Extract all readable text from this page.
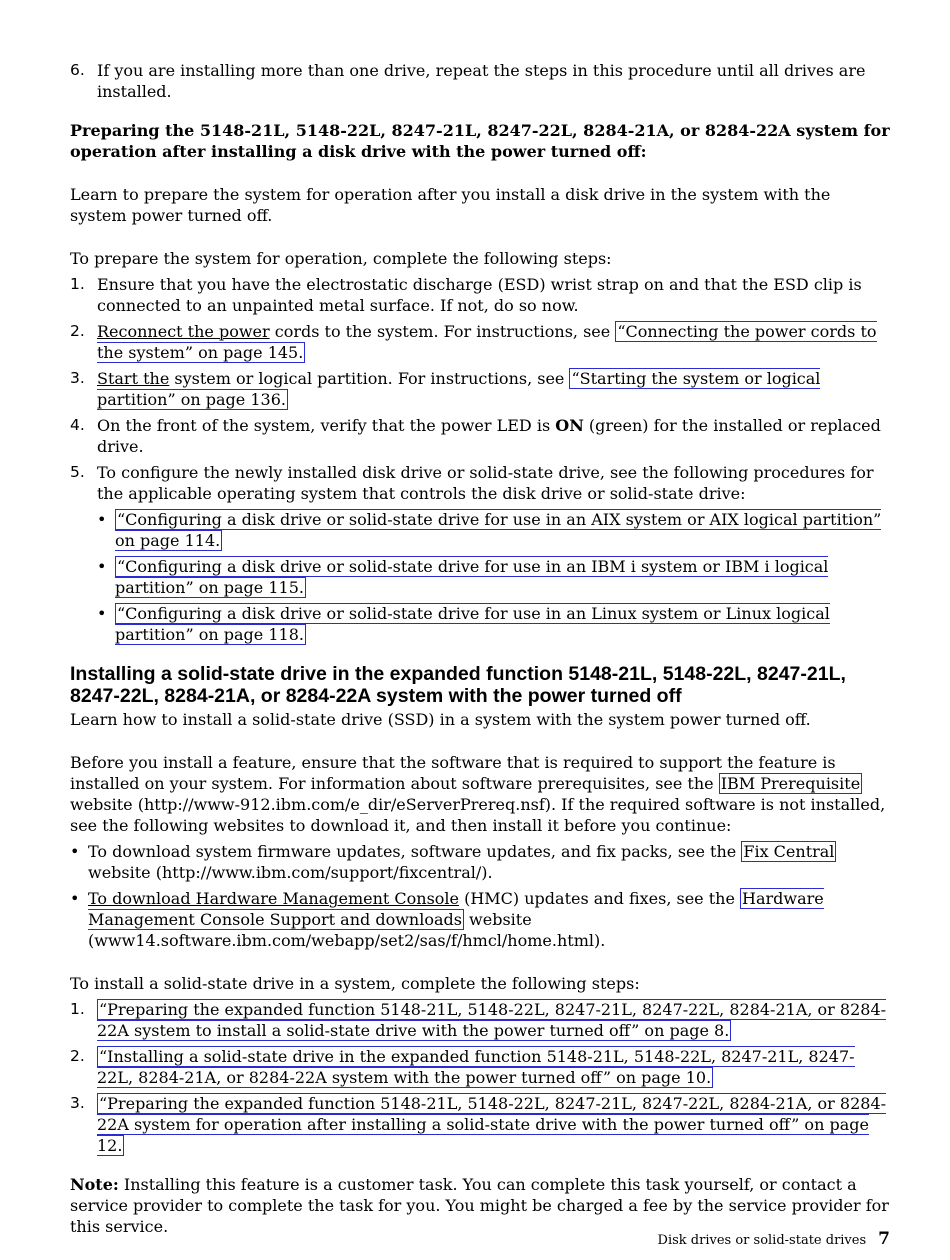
6. If you are installing more than one drive, repeat the steps in this procedure until all drives are installed.

Preparing the 5148-21L, 5148-22L, 8247-21L, 8247-22L, 8284-21A, or 8284-22A system for operation after installing a disk drive with the power turned off:

Learn to prepare the system for operation after you install a disk drive in the system with the system power turned off.

To prepare the system for operation, complete the following steps:

1. Ensure that you have the electrostatic discharge (ESD) wrist strap on and that the ESD clip is connected to an unpainted metal surface. If not, do so now.
2. Reconnect the power cords to the system. For instructions, see “Connecting the power cords to the system” on page 145.
3. Start the system or logical partition. For instructions, see “Starting the system or logical partition” on page 136.
4. On the front of the system, verify that the power LED is ON (green) for the installed or replaced drive.
5. To configure the newly installed disk drive or solid-state drive, see the following procedures for the applicable operating system that controls the disk drive or solid-state drive:
• “Configuring a disk drive or solid-state drive for use in an AIX system or AIX logical partition” on page 114.
• “Configuring a disk drive or solid-state drive for use in an IBM i system or IBM i logical partition” on page 115.
• “Configuring a disk drive or solid-state drive for use in an Linux system or Linux logical partition” on page 118.
Installing a solid-state drive in the expanded function 5148-21L, 5148-22L, 8247-21L, 8247-22L, 8284-21A, or 8284-22A system with the power turned off

Learn how to install a solid-state drive (SSD) in a system with the system power turned off.

Before you install a feature, ensure that the software that is required to support the feature is installed on your system. For information about software prerequisites, see the IBM Prerequisite website (http://www-912.ibm.com/e_dir/eServerPrereq.nsf). If the required software is not installed, see the following websites to download it, and then install it before you continue:

• To download system firmware updates, software updates, and fix packs, see the Fix Central website (http://www.ibm.com/support/fixcentral/).
• To download Hardware Management Console (HMC) updates and fixes, see the Hardware Management Console Support and downloads website (www14.software.ibm.com/webapp/set2/sas/f/hmcl/home.html).

To install a solid-state drive in a system, complete the following steps:

1. “Preparing the expanded function 5148-21L, 5148-22L, 8247-21L, 8247-22L, 8284-21A, or 8284-22A system to install a solid-state drive with the power turned off” on page 8.
2. “Installing a solid-state drive in the expanded function 5148-21L, 5148-22L, 8247-21L, 8247-22L, 8284-21A, or 8284-22A system with the power turned off” on page 10.
3. “Preparing the expanded function 5148-21L, 5148-22L, 8247-21L, 8247-22L, 8284-21A, or 8284-22A system for operation after installing a solid-state drive with the power turned off” on page 12.

Note: Installing this feature is a customer task. You can complete this task yourself, or contact a service provider to complete the task for you. You might be charged a fee by the service provider for this service.

Disk drives or solid-state drives 7
